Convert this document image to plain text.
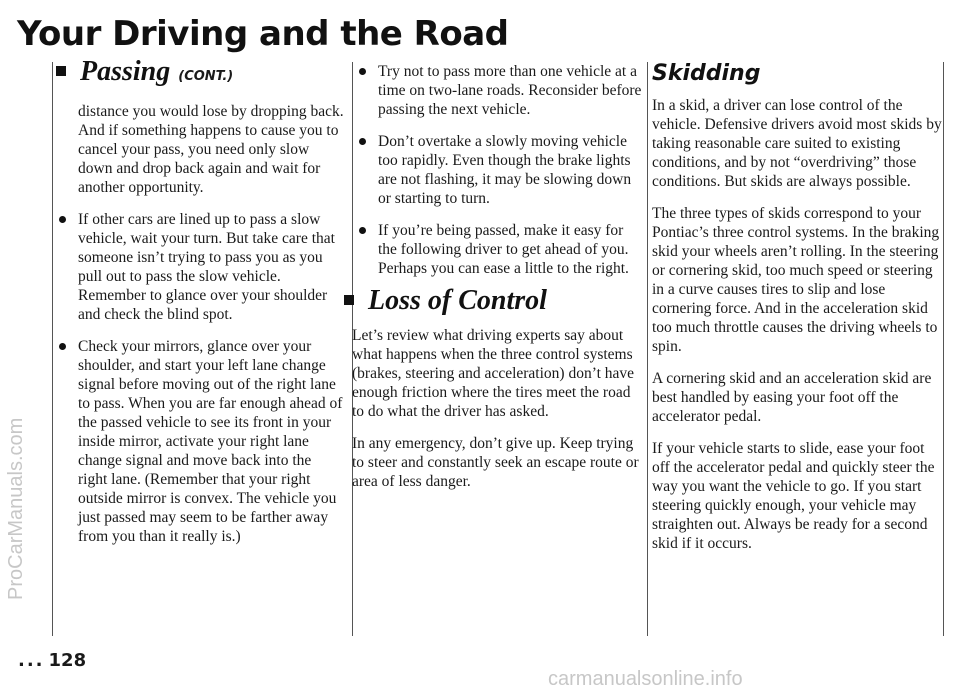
Your Driving and the Road
Passing (CONT.)

distance you would lose by dropping back. And if something happens to cause you to cancel your pass, you need only slow down and drop back again and wait for another opportunity.

If other cars are lined up to pass a slow vehicle, wait your turn. But take care that someone isn’t trying to pass you as you pull out to pass the slow vehicle. Remember to glance over your shoulder and check the blind spot.
Check your mirrors, glance over your shoulder, and start your left lane change signal before moving out of the right lane to pass. When you are far enough ahead of the passed vehicle to see its front in your inside mirror, activate your right lane change signal and move back into the right lane. (Remember that your right outside mirror is convex. The vehicle you just passed may seem to be farther away from you than it really is.)
Try not to pass more than one vehicle at a time on two-lane roads. Reconsider before passing the next vehicle.
Don’t overtake a slowly moving vehicle too rapidly. Even though the brake lights are not flashing, it may be slowing down or starting to turn.
If you’re being passed, make it easy for the following driver to get ahead of you. Perhaps you can ease a little to the right.
Loss of Control

Let’s review what driving experts say about what happens when the three control systems (brakes, steering and acceleration) don’t have enough friction where the tires meet the road to do what the driver has asked.

In any emergency, don’t give up. Keep trying to steer and constantly seek an escape route or area of less danger.

Skidding

In a skid, a driver can lose control of the vehicle. Defensive drivers avoid most skids by taking reasonable care suited to existing conditions, and by not “overdriving” those conditions. But skids are always possible.

The three types of skids correspond to your Pontiac’s three control systems. In the braking skid your wheels aren’t rolling. In the steering or cornering skid, too much speed or steering in a curve causes tires to slip and lose cornering force. And in the acceleration skid too much throttle causes the driving wheels to spin.

A cornering skid and an acceleration skid are best handled by easing your foot off the accelerator pedal.

If your vehicle starts to slide, ease your foot off the accelerator pedal and quickly steer the way you want the vehicle to go. If you start steering quickly enough, your vehicle may straighten out. Always be ready for a second skid if it occurs.

... 128
ProCarManuals.com
carmanualsonline.info
